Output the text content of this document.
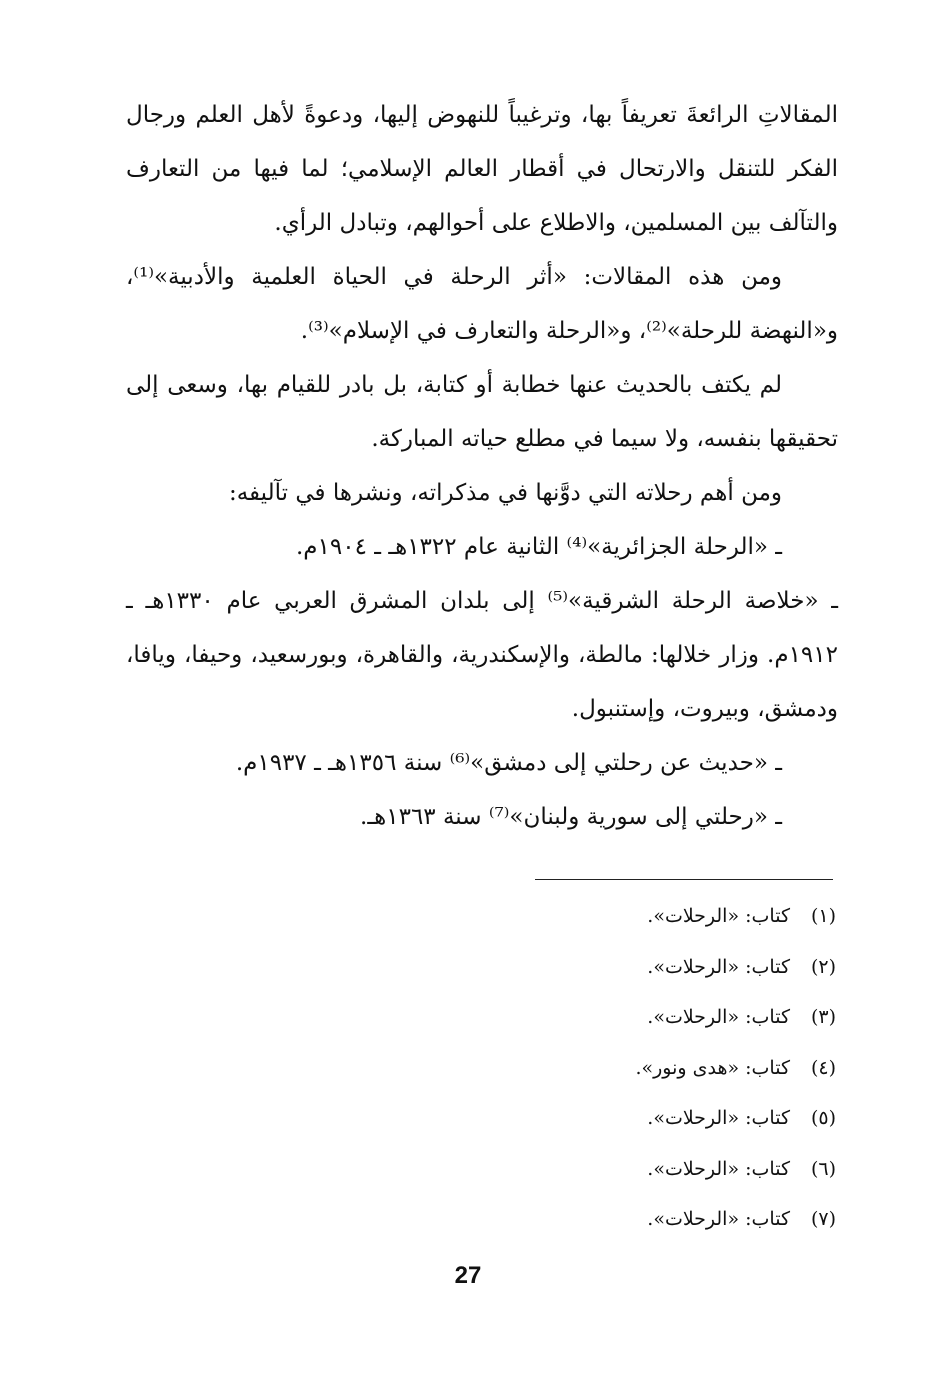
المقالاتِ الرائعةَ تعريفاً بها، وترغيباً للنهوض إليها، ودعوةً لأهل العلم ورجال الفكر للتنقل والارتحال في أقطار العالم الإسلامي؛ لما فيها من التعارف والتآلف بين المسلمين، والاطلاع على أحوالهم، وتبادل الرأي.

ومن هذه المقالات: «أثر الرحلة في الحياة العلمية والأدبية»⁽¹⁾، و«النهضة للرحلة»⁽²⁾، و«الرحلة والتعارف في الإسلام»⁽³⁾.

لم يكتف بالحديث عنها خطابة أو كتابة، بل بادر للقيام بها، وسعى إلى تحقيقها بنفسه، ولا سيما في مطلع حياته المباركة.

ومن أهم رحلاته التي دوَّنها في مذكراته، ونشرها في تآليفه:

ـ «الرحلة الجزائرية»⁽⁴⁾ الثانية عام ١٣٢٢هـ ـ ١٩٠٤م.

ـ «خلاصة الرحلة الشرقية»⁽⁵⁾ إلى بلدان المشرق العربي عام ١٣٣٠هـ ـ ١٩١٢م. وزار خلالها: مالطة، والإسكندرية، والقاهرة، وبورسعيد، وحيفا، ويافا، ودمشق، وبيروت، وإستنبول.

ـ «حديث عن رحلتي إلى دمشق»⁽⁶⁾ سنة ١٣٥٦هـ ـ ١٩٣٧م.

ـ «رحلتي إلى سورية ولبنان»⁽⁷⁾ سنة ١٣٦٣هـ.

(١)كتاب: «الرحلات».
(٢)كتاب: «الرحلات».
(٣)كتاب: «الرحلات».
(٤)كتاب: «هدى ونور».
(٥)كتاب: «الرحلات».
(٦)كتاب: «الرحلات».
(٧)كتاب: «الرحلات».
27
